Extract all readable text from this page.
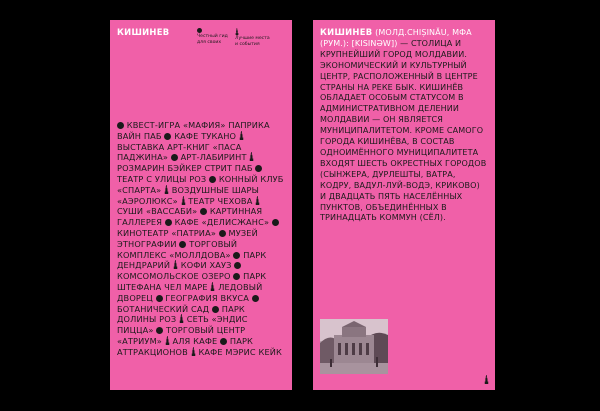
КИШИНЕВ	Честный гид
для своих
Лучшие места
и события
КВЕСТ-ИГРА «МАФИЯ» ПАПРИКА ВАЙН ПАБ КАФЕ ТУКАНО  ВЫСТАВКА АРТ-КНИГ «ПАСА ПАДЖИНА» АРТ-ЛАБИРИНТ  РОЗМАРИН БЭЙКЕР СТРИТ ПАБ  ТЕАТР С УЛИЦЫ РОЗ КОННЫЙ КЛУБ «СПАРТА» ВОЗДУШНЫЕ ШАРЫ «АЭРОЛЮКС» ТЕАТР ЧЕХОВА  СУШИ «ВАССАБИ» КАРТИННАЯ ГАЛЛЕРЕЯ КАФЕ «ДЕЛИСЖАНС»  КИНОТЕАТР «ПАТРИА» МУЗЕЙ ЭТНОГРАФИИ ТОРГОВЫЙ КОМПЛЕКС «МОЛЛДОВА» ПАРК ДЕНДРАРИЙ КОФИ ХАУЗ  КОМСОМОЛЬСКОЕ ОЗЕРО ПАРК ШТЕФАНА ЧЕЛ МАРЕ ЛЕДОВЫЙ ДВОРЕЦ ГЕОГРАФИЯ ВКУСА  БОТАНИЧЕСКИЙ САД ПАРК ДОЛИНЫ РОЗ СЕТЬ «ЭНДИС ПИЦЦА» ТОРГОВЫЙ ЦЕНТР «АТРИУМ» АЛЯ КАФЕ ПАРК АТТРАКЦИОНОВ КАФЕ МЭРИС КЕЙК
КИШИНЕВ (МОЛД.CHIȘINĂU, МФА (РУМ.): [KISINƏW]) — СТОЛИЦА И КРУПНЕЙШИЙ ГОРОД МОЛДАВИИ. ЭКОНОМИЧЕСКИЙ И КУЛЬТУРНЫЙ ЦЕНТР, РАСПОЛОЖЕННЫЙ В ЦЕНТРЕ СТРАНЫ НА РЕКЕ БЫК. КИШИНЁВ ОБЛАДАЕТ ОСОБЫМ СТАТУСОМ В АДМИНИСТРАТИВНОМ ДЕЛЕНИИ МОЛДАВИИ — ОН ЯВЛЯЕТСЯ МУНИЦИПАЛИТЕТОМ. КРОМЕ САМОГО ГОРОДА КИШИНЁВА, В СОСТАВ ОДНОИМЁННОГО МУНИЦИПАЛИТЕТА ВХОДЯТ ШЕСТЬ ОКРЕСТНЫХ ГОРОДОВ (СЫНЖЕРА, ДУРЛЕШТЫ, ВАТРА, КОДРУ, ВАДУЛ-ЛУЙ-ВОДЭ, КРИКОВО) И ДВАДЦАТЬ ПЯТЬ НАСЕЛЁННЫХ ПУНКТОВ, ОБЪЕДИНЁННЫХ В ТРИНАДЦАТЬ КОММУН (СЁЛ).
